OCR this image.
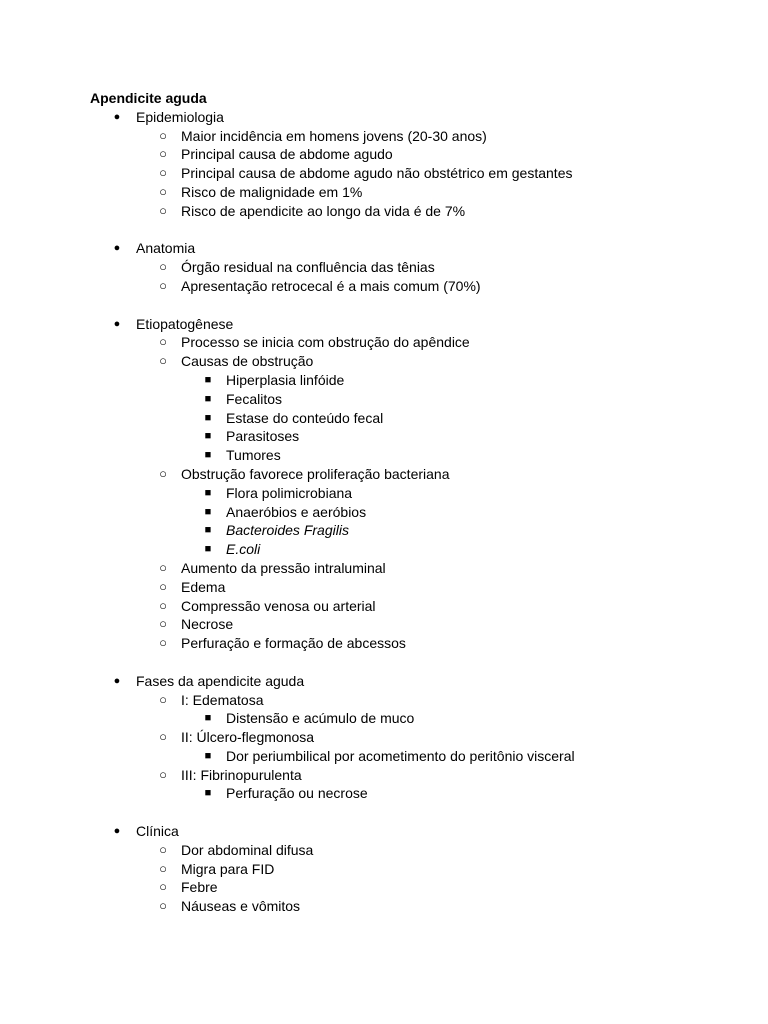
Apendicite aguda
● Epidemiologia
○ Maior incidência em homens jovens (20-30 anos)
○ Principal causa de abdome agudo
○ Principal causa de abdome agudo não obstétrico em gestantes
○ Risco de malignidade em 1%
○ Risco de apendicite ao longo da vida é de 7%
● Anatomia
○ Órgão residual na confluência das tênias
○ Apresentação retrocecal é a mais comum (70%)
● Etiopatogênese
○ Processo se inicia com obstrução do apêndice
○ Causas de obstrução
■ Hiperplasia linfóide
■ Fecalitos
■ Estase do conteúdo fecal
■ Parasitoses
■ Tumores
○ Obstrução favorece proliferação bacteriana
■ Flora polimicrobiana
■ Anaeróbios e aeróbios
■ Bacteroides Fragilis
■ E.coli
○ Aumento da pressão intraluminal
○ Edema
○ Compressão venosa ou arterial
○ Necrose
○ Perfuração e formação de abcessos
● Fases da apendicite aguda
○ I: Edematosa
■ Distensão e acúmulo de muco
○ II: Úlcero-flegmonosa
■ Dor periumbilical por acometimento do peritônio visceral
○ III: Fibrinopurulenta
■ Perfuração ou necrose
● Clínica
○ Dor abdominal difusa
○ Migra para FID
○ Febre
○ Náuseas e vômitos
